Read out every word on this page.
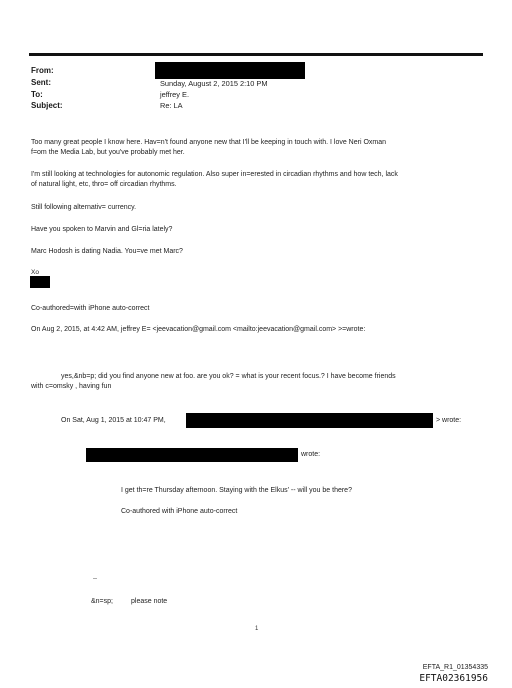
From:
Sent:
To:
Subject:
Sunday, August 2, 2015 2:10 PM
jeffrey E.
Re: LA
Too many great people I know here. Hav=n't found anyone new that I'll be keeping in touch with. I love Neri Oxman
f=om the Media Lab, but you've probably met her.
I'm still looking at technologies for autonomic regulation. Also super in=erested in circadian rhythms and how tech, lack
of natural light, etc, thro= off circadian rhythms.
Still following alternativ= currency.
Have you spoken to Marvin and Gl=ria lately?
Marc Hodosh is dating Nadia. You=ve met Marc?
Xo
Co-authored=with iPhone auto-correct
On Aug 2, 2015, at 4:42 AM, jeffrey E= <jeevacation@gmail.com <mailto:jeevacation@gmail.com> >=wrote:
yes,&nb=p; did you find anyone new at foo. are you ok? = what is your recent focus.? I have become friends
with c=omsky , having fun
On Sat, Aug 1, 2015 at 10:47 PM,	> wrote:
wrote:
I get th=re Thursday afternoon. Staying with the Elkus' -- will you be there?
Co-authored with iPhone auto-correct
--
&n=sp;	please note
1
EFTA_R1_01354335
EFTA02361956
